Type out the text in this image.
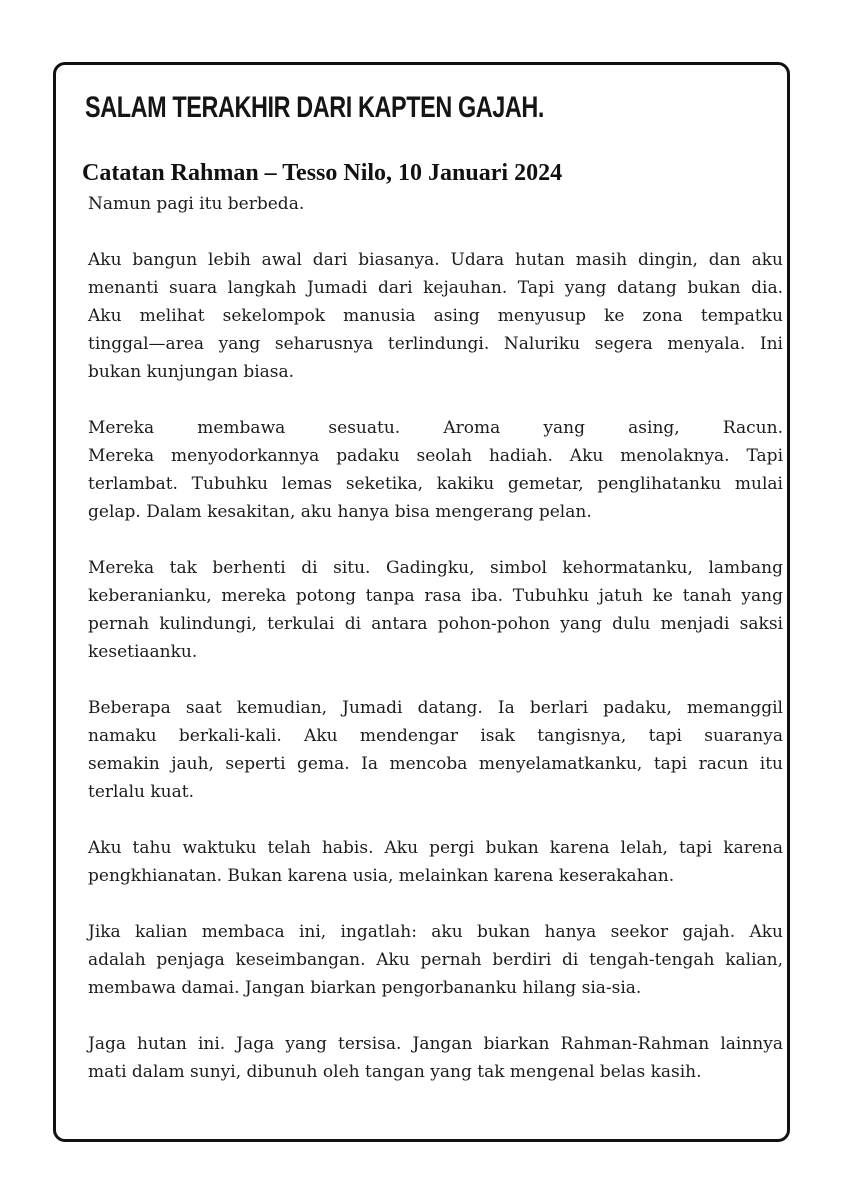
SALAM TERAKHIR DARI KAPTEN GAJAH.
Catatan Rahman – Tesso Nilo, 10 Januari 2024

Namun pagi itu berbeda.

Aku bangun lebih awal dari biasanya. Udara hutan masih dingin, dan aku
menanti suara langkah Jumadi dari kejauhan. Tapi yang datang bukan dia.
Aku melihat sekelompok manusia asing menyusup ke zona tempatku
tinggal—area yang seharusnya terlindungi. Naluriku segera menyala. Ini
bukan kunjungan biasa.

Mereka membawa sesuatu. Aroma yang asing, Racun.
Mereka menyodorkannya padaku seolah hadiah. Aku menolaknya. Tapi
terlambat. Tubuhku lemas seketika, kakiku gemetar, penglihatanku mulai
gelap. Dalam kesakitan, aku hanya bisa mengerang pelan.

Mereka tak berhenti di situ. Gadingku, simbol kehormatanku, lambang
keberanianku, mereka potong tanpa rasa iba. Tubuhku jatuh ke tanah yang
pernah kulindungi, terkulai di antara pohon-pohon yang dulu menjadi saksi
kesetiaanku.

Beberapa saat kemudian, Jumadi datang. Ia berlari padaku, memanggil
namaku berkali-kali. Aku mendengar isak tangisnya, tapi suaranya
semakin jauh, seperti gema. Ia mencoba menyelamatkanku, tapi racun itu
terlalu kuat.

Aku tahu waktuku telah habis. Aku pergi bukan karena lelah, tapi karena
pengkhianatan. Bukan karena usia, melainkan karena keserakahan.

Jika kalian membaca ini, ingatlah: aku bukan hanya seekor gajah. Aku
adalah penjaga keseimbangan. Aku pernah berdiri di tengah-tengah kalian,
membawa damai. Jangan biarkan pengorbananku hilang sia-sia.

Jaga hutan ini. Jaga yang tersisa. Jangan biarkan Rahman-Rahman lainnya
mati dalam sunyi, dibunuh oleh tangan yang tak mengenal belas kasih.
